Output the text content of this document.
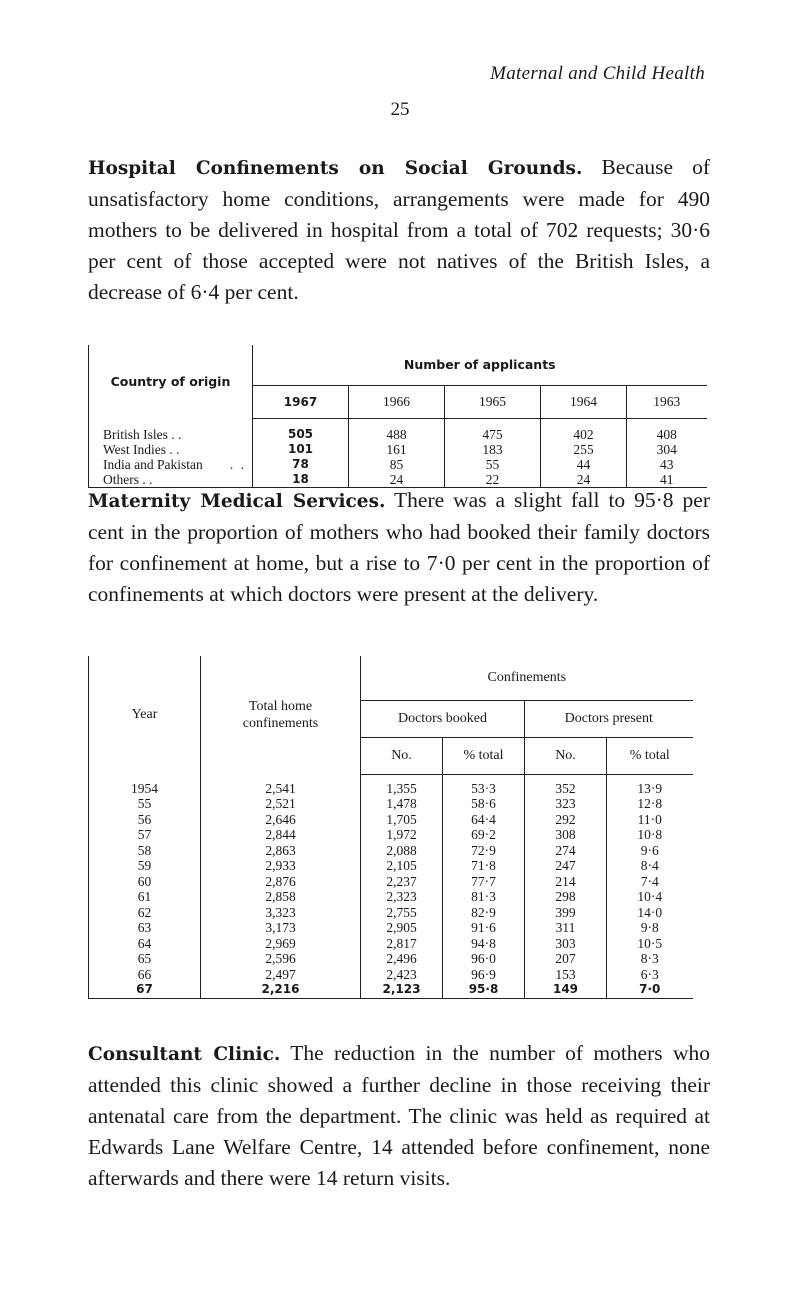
Maternal and Child Health
25

Hospital Confinements on Social Grounds. Because of unsatisfactory home conditions, arrangements were made for 490 mothers to be delivered in hospital from a total of 702 requests; 30·6 per cent of those accepted were not natives of the British Isles, a decrease of 6·4 per cent.

Country of origin	Number of applicants				
	1967	1966	1965	1964	1963

British Isles . .	505	488	475	402	408
West Indies . .	101	161	183	255	304
India and Pakistan . .	78	85	55	44	43
Others . .	18	24	22	24	41

Maternity Medical Services. There was a slight fall to 95·8 per cent in the proportion of mothers who had booked their family doctors for confinement at home, but a rise to 7·0 per cent in the proportion of confinements at which doctors were present at the delivery.

Year	Total home confinements	Confinements			
		Doctors booked		Doctors present	
		No.	% total	No.	% total

1954	2,541	1,355	53·3	352	13·9
55	2,521	1,478	58·6	323	12·8
56	2,646	1,705	64·4	292	11·0
57	2,844	1,972	69·2	308	10·8
58	2,863	2,088	72·9	274	9·6
59	2,933	2,105	71·8	247	8·4
60	2,876	2,237	77·7	214	7·4
61	2,858	2,323	81·3	298	10·4
62	3,323	2,755	82·9	399	14·0
63	3,173	2,905	91·6	311	9·8
64	2,969	2,817	94·8	303	10·5
65	2,596	2,496	96·0	207	8·3
66	2,497	2,423	96·9	153	6·3
67	2,216	2,123	95·8	149	7·0

Consultant Clinic. The reduction in the number of mothers who attended this clinic showed a further decline in those receiving their antenatal care from the department. The clinic was held as required at Edwards Lane Welfare Centre, 14 attended before confinement, none afterwards and there were 14 return visits.
